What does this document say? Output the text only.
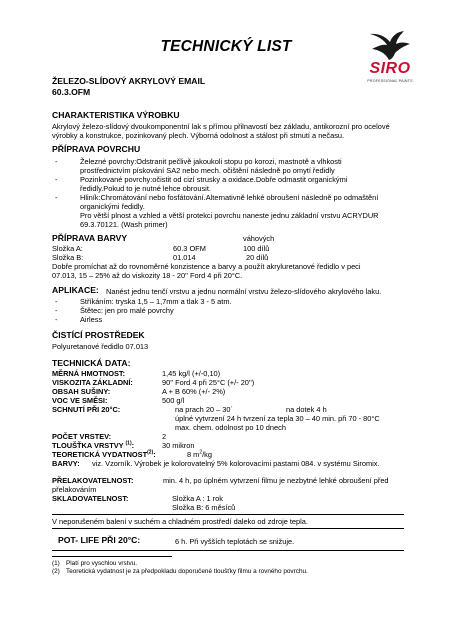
TECHNICKÝ LIST
SIRO
PROFESSIONAL PAINTS
ŽELEZO-SLÍDOVÝ AKRYLOVÝ EMAIL
60.3.OFM
CHARAKTERISTIKA VÝROBKU
Akrylový železo-slídový dvoukomponentní lak s přímou přilnavostí bez základu, antikorozní pro ocelové výrobky a konstrukce, pozinkovaný plech. Výborná odolnost a stálost při stmutí a nečasu.
PŘÍPRAVA POVRCHU
-	Železné povrchy:Odstranit pečlivě jakoukoli stopu po korozi, mastnotě a vlhkosti
prostřednictvím pískování SA2 nebo mech. očištění následně po omytí ředidly
-	Pozinkované povrchy:očistit od cizí strusky a oxidace.Dobře odmastit organickými
ředidly.Pokud to je nutné lehce obrousit.
-	Hliník:Chromátování nebo fosfátování.Alternativně lehké obroušení následně po odmaštění
organickými ředidly.
Pro větší plnost a vzhled a větší protekci povrchu naneste jednu základní vrstvu ACRYDUR
69.3.70121. (Wash primer)
PŘÍPRAVA BARVY	váhových
Složka A:	60.3 OFM	100 dílů
Složka B:	01.014	20 dílů
Dobře promíchat až do rovnoměrné konzistence a barvy a použít akryluretanové ředidlo v peci
07.013, 15 – 25% až do viskozity 18 - 20'' Ford 4 při 20°C.
APLIKACE: Nanést jednu tenčí vrstvu a jednu normální vrstvu železo-slídového akrylového laku.
-	Stříkáním: tryska 1,5 – 1,7mm a tlak 3 - 5 atm.
-	Štětec: jen pro malé povrchy
-	Airless
ČISTÍCÍ PROSTŘEDEK
Polyuretanové ředidlo 07.013
TECHNICKÁ DATA:
MĚRNÁ HMOTNOST:	1,45 kg/l (+/-0,10)
VISKOZITA ZÁKLADNÍ:	90'' Ford 4 při 25°C (+/- 20'')
OBSAH SUŠINY:	A + B 60% (+/- 2%)
VOC VE SMĚSI:	500 g/l
SCHNUTÍ PŘI 20°C:	na prach 20 – 30´	na dotek 4 h
úplné vytvrzení 24 h tvrzení za tepla 30 – 40 min. při 70 - 80°C
max. chem. odolnost po 10 dnech
POČET VRSTEV:	2
TLOUŠŤKA VRSTVY $^{(1)}$:	30 mikron
TEORETICKÁ VYDATNOST$^{(2)}$:	8 $m^2/kg$
BARVY: viz. Vzorník. Výrobek je kolorovatelný 5% kolorovacími pastami 084. v systému Siromix.
PŘELAKOVATELNOST:	min. 4 h, po úplném vytvrzení filmu je nezbytné lehké obroušení před
přelakováním
SKLADOVATELNOST:	Složka A : 1 rok
Složka B: 6 měsíců
V neporušeném balení v suchém a chladném prostředí daleko od zdroje tepla.
POT- LIFE PŘI 20°C:	6 h. Při vyšších teplotách se snižuje.
(1) Platí pro vyschlou vrstvu.
(2) Teoretická vydatnost je za předpokladu doporučené tloušťky filmu a rovného povrchu.
